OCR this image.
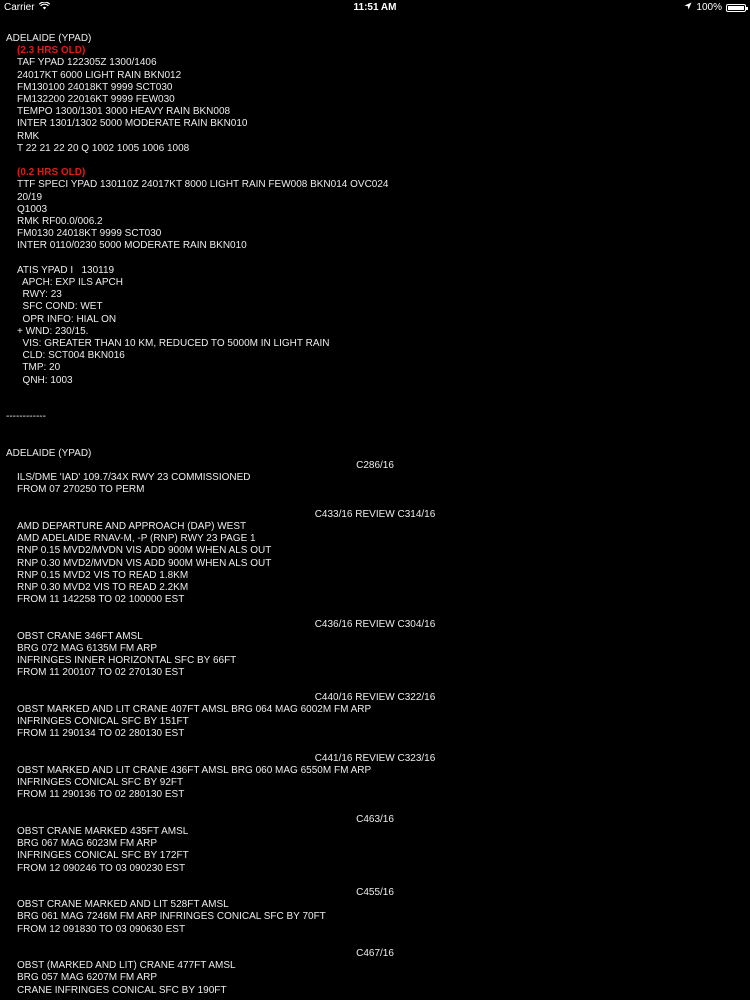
Carrier	11:51 AM	100%
ADELAIDE (YPAD)
(2.3 HRS OLD)
TAF YPAD 122305Z 1300/1406
24017KT 6000 LIGHT RAIN BKN012
FM130100 24018KT 9999 SCT030
FM132200 22016KT 9999 FEW030
TEMPO 1300/1301 3000 HEAVY RAIN BKN008
INTER 1301/1302 5000 MODERATE RAIN BKN010
RMK
T 22 21 22 20 Q 1002 1005 1006 1008
(0.2 HRS OLD)
TTF SPECI YPAD 130110Z 24017KT 8000 LIGHT RAIN FEW008 BKN014 OVC024
20/19
Q1003
RMK RF00.0/006.2
FM0130 24018KT 9999 SCT030
INTER 0110/0230 5000 MODERATE RAIN BKN010
ATIS YPAD I   130119
APCH: EXP ILS APCH
RWY: 23
SFC COND: WET
OPR INFO: HIAL ON
+ WND: 230/15.
VIS: GREATER THAN 10 KM, REDUCED TO 5000M IN LIGHT RAIN
CLD: SCT004 BKN016
TMP: 20
QNH: 1003
------------
ADELAIDE (YPAD)
C286/16
ILS/DME 'IAD' 109.7/34X RWY 23 COMMISSIONED
FROM 07 270250 TO PERM
C433/16 REVIEW C314/16
AMD DEPARTURE AND APPROACH (DAP) WEST
AMD ADELAIDE RNAV-M, -P (RNP) RWY 23 PAGE 1
RNP 0.15 MVD2/MVDN VIS ADD 900M WHEN ALS OUT
RNP 0.30 MVD2/MVDN VIS ADD 900M WHEN ALS OUT
RNP 0.15 MVD2 VIS TO READ 1.8KM
RNP 0.30 MVD2 VIS TO READ 2.2KM
FROM 11 142258 TO 02 100000 EST
C436/16 REVIEW C304/16
OBST CRANE 346FT AMSL
BRG 072 MAG 6135M FM ARP
INFRINGES INNER HORIZONTAL SFC BY 66FT
FROM 11 200107 TO 02 270130 EST
C440/16 REVIEW C322/16
OBST MARKED AND LIT CRANE 407FT AMSL BRG 064 MAG 6002M FM ARP
INFRINGES CONICAL SFC BY 151FT
FROM 11 290134 TO 02 280130 EST
C441/16 REVIEW C323/16
OBST MARKED AND LIT CRANE 436FT AMSL BRG 060 MAG 6550M FM ARP
INFRINGES CONICAL SFC BY 92FT
FROM 11 290136 TO 02 280130 EST
C463/16
OBST CRANE MARKED 435FT AMSL
BRG 067 MAG 6023M FM ARP
INFRINGES CONICAL SFC BY 172FT
FROM 12 090246 TO 03 090230 EST
C455/16
OBST CRANE MARKED AND LIT 528FT AMSL
BRG 061 MAG 7246M FM ARP INFRINGES CONICAL SFC BY 70FT
FROM 12 091830 TO 03 090630 EST
C467/16
OBST (MARKED AND LIT) CRANE 477FT AMSL
BRG 057 MAG 6207M FM ARP
CRANE INFRINGES CONICAL SFC BY 190FT
